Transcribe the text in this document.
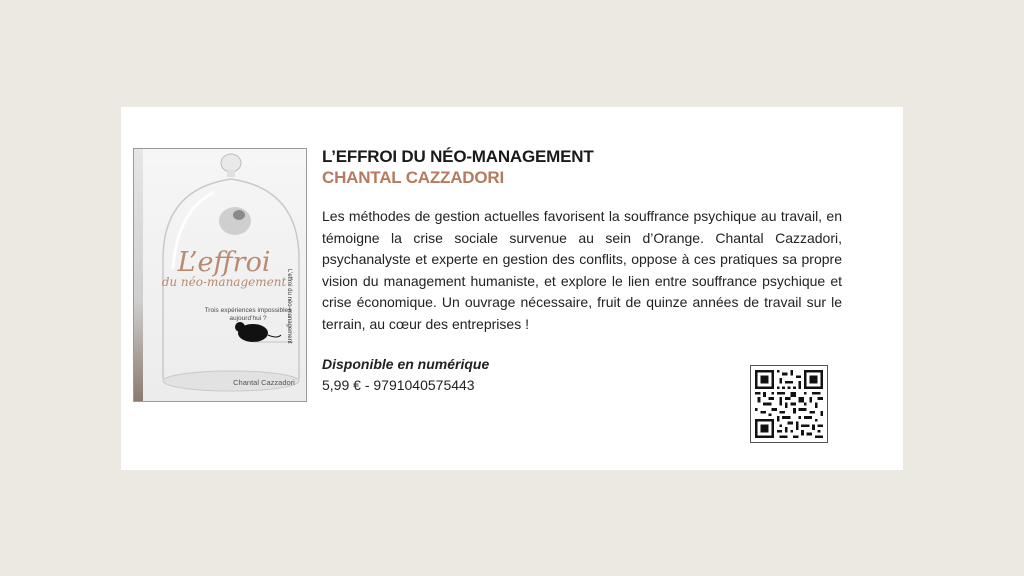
L’effroi
du néo-management
Trois expériences impossibles aujourd’hui ?
Chantal Cazzadori
L’effroi du néo-management
L’EFFROI DU NÉO-MANAGEMENT
CHANTAL CAZZADORI

Les méthodes de gestion actuelles favorisent la souffrance psychique au travail, en témoigne la crise sociale survenue au sein d’Orange. Chantal Cazzadori, psychanalyste et experte en gestion des conflits, oppose à ces pratiques sa propre vision du management humaniste, et explore le lien entre souffrance psychique et crise économique. Un ouvrage nécessaire, fruit de quinze années de travail sur le terrain, au cœur des entreprises !

Disponible en numérique
5,99 € - 9791040575443
